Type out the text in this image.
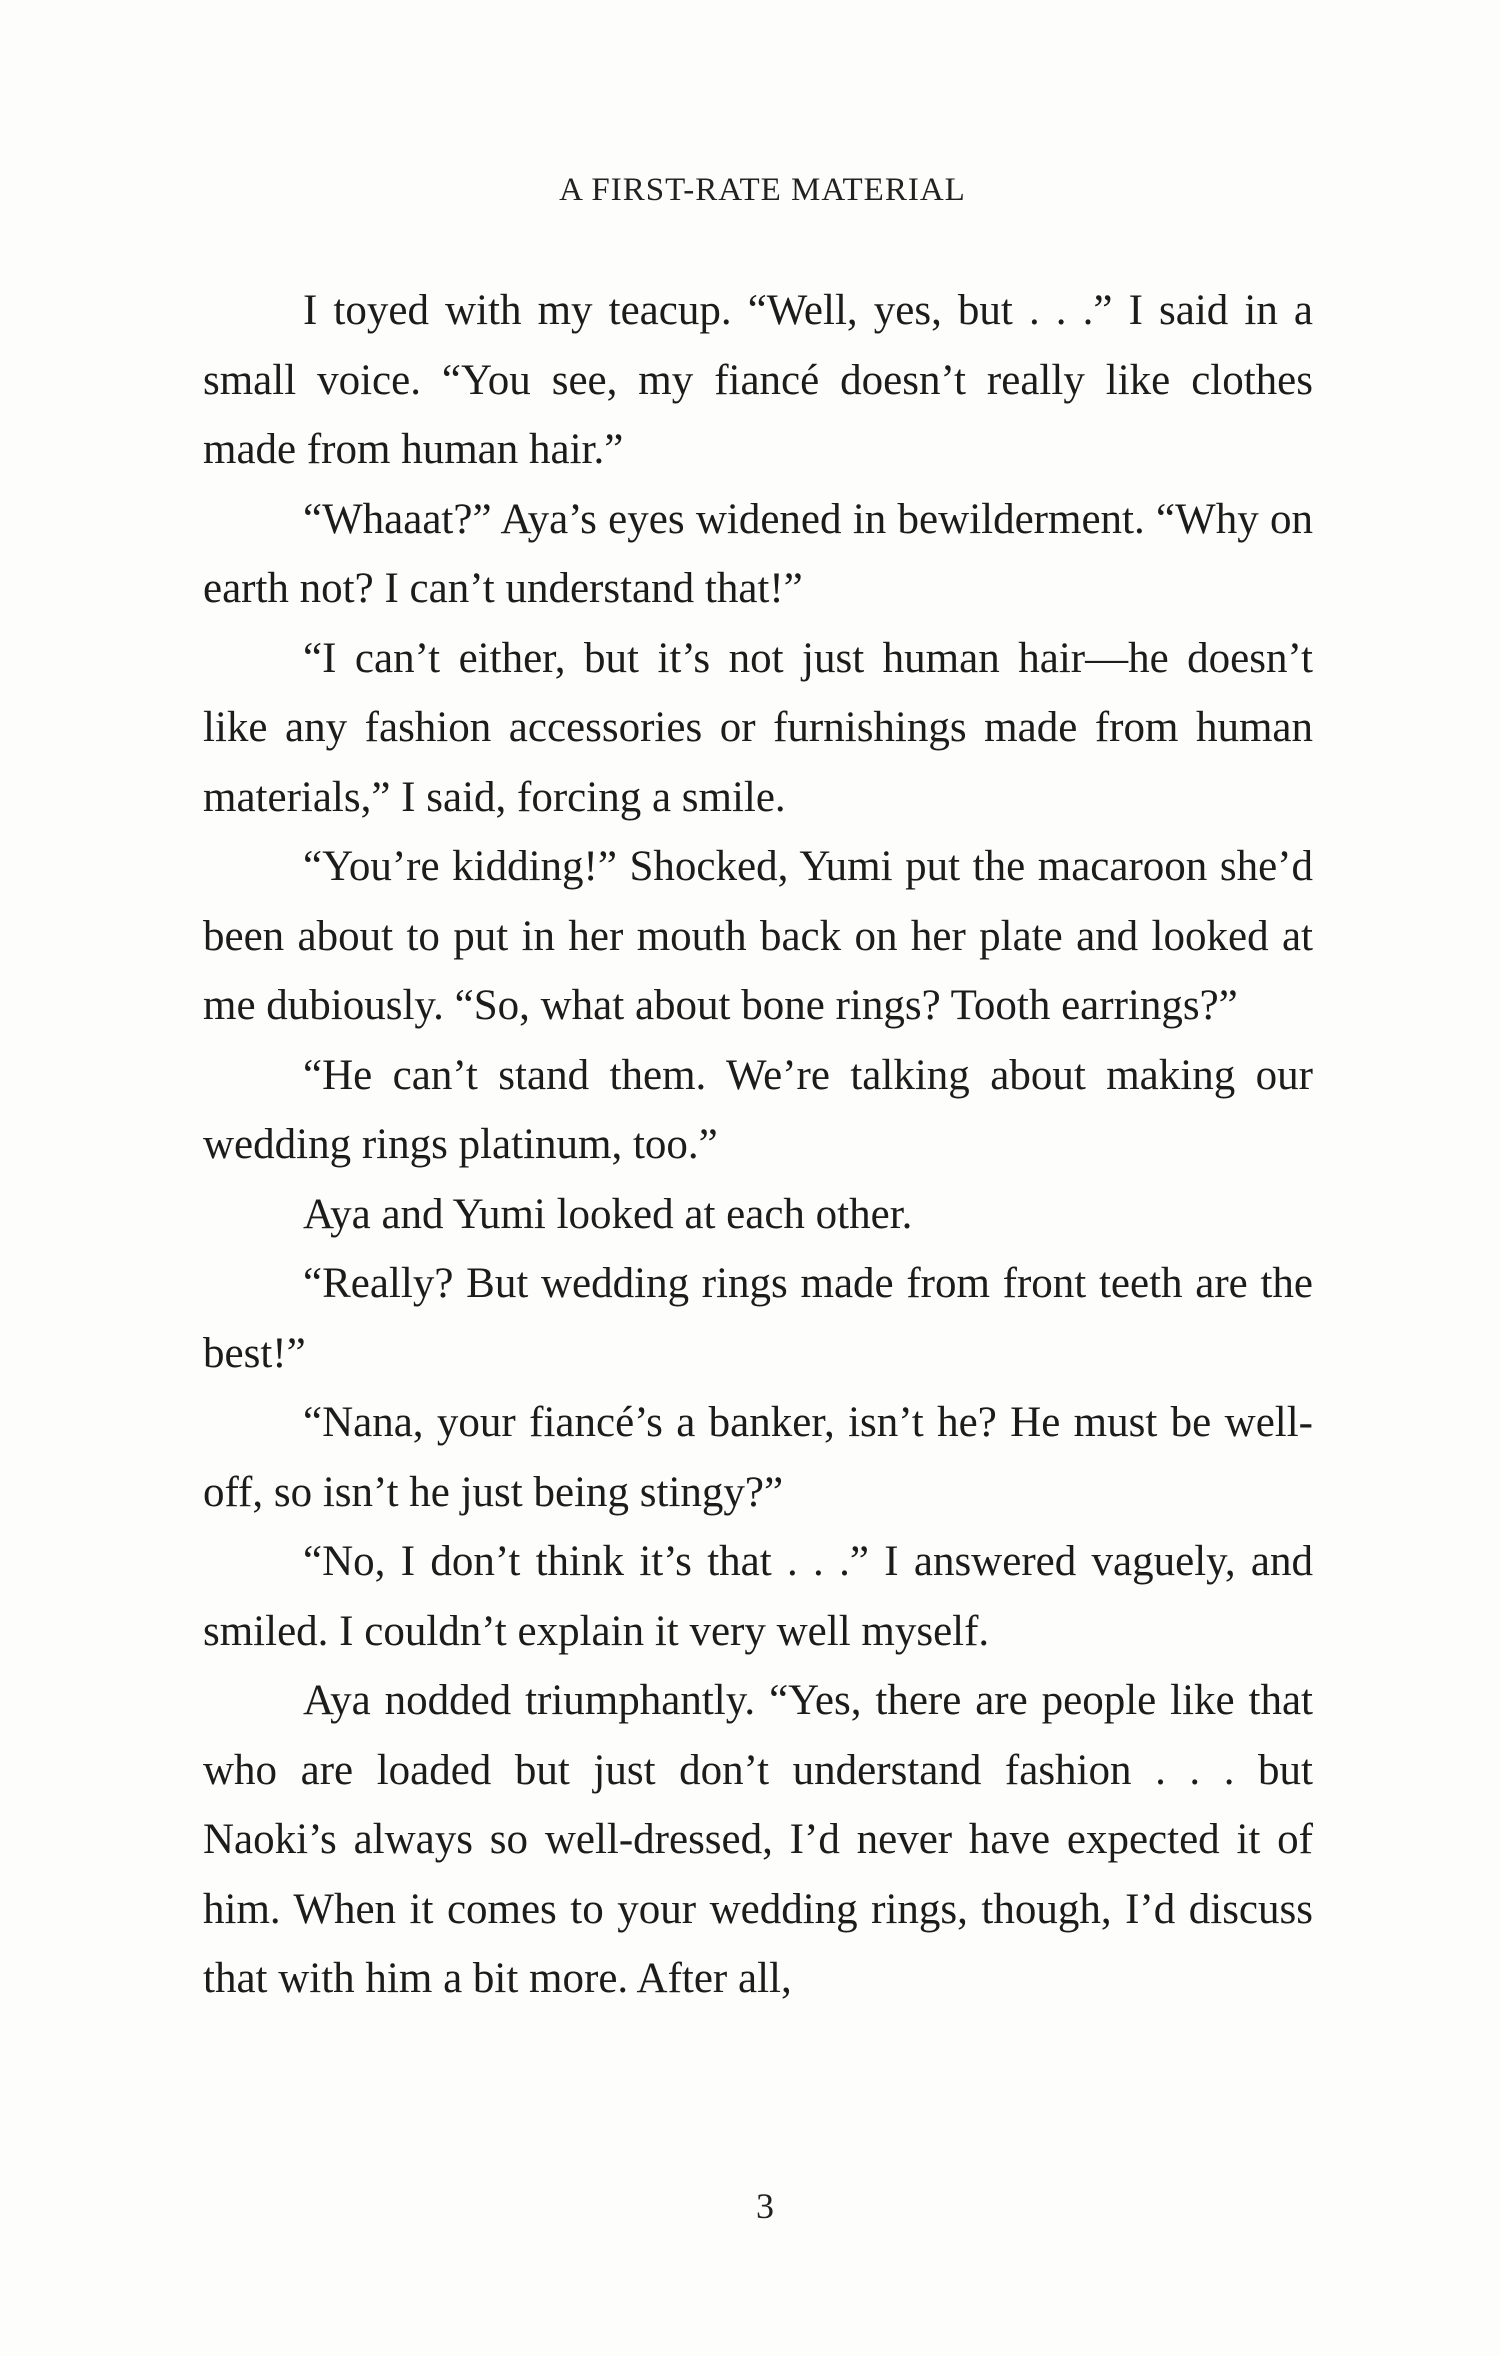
A FIRST-RATE MATERIAL

I toyed with my teacup. “Well, yes, but . . .” I said in a small voice. “You see, my fiancé doesn’t really like clothes made from human hair.”

“Whaaat?” Aya’s eyes widened in bewilderment. “Why on earth not? I can’t understand that!”

“I can’t either, but it’s not just human hair—he doesn’t like any fashion accessories or furnishings made from human materials,” I said, forcing a smile.

“You’re kidding!” Shocked, Yumi put the macaroon she’d been about to put in her mouth back on her plate and looked at me dubiously. “So, what about bone rings? Tooth earrings?”

“He can’t stand them. We’re talking about making our wedding rings platinum, too.”

Aya and Yumi looked at each other.

“Really? But wedding rings made from front teeth are the best!”

“Nana, your fiancé’s a banker, isn’t he? He must be well-off, so isn’t he just being stingy?”

“No, I don’t think it’s that . . .” I answered vaguely, and smiled. I couldn’t explain it very well myself.

Aya nodded triumphantly. “Yes, there are people like that who are loaded but just don’t understand fashion . . . but Naoki’s always so well-dressed, I’d never have expected it of him. When it comes to your wedding rings, though, I’d discuss that with him a bit more. After all,

3
